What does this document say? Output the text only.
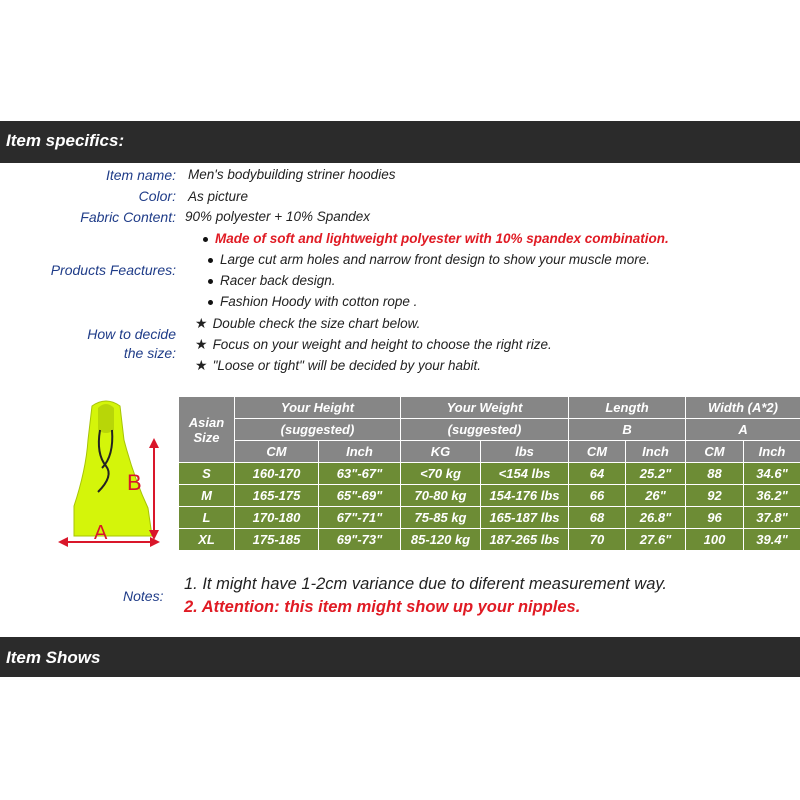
Item specifics:
Item name: Men's bodybuilding striner hoodies
Color: As picture
Fabric Content: 90% polyester + 10% Spandex
Products Feactures:
Made of soft and lightweight polyester with 10% spandex combination.
Large cut arm holes and narrow front design to show your muscle more.
Racer back design.
Fashion Hoody with cotton rope .
How to decide
the size:
★ Double check the size chart below.
★ Focus on your weight and height to choose the right rize.
★ "Loose or tight" will be decided by your habit.
B
A
Asian
Size	Your Height		Your Weight		Length		Width (A*2)	
	(suggested)		(suggested)		B		A	
	CM	Inch	KG	lbs	CM	Inch	CM	Inch
S	160-170	63"-67"	<70 kg	<154 lbs	64	25.2"	88	34.6"
M	165-175	65"-69"	70-80 kg	154-176 lbs	66	26"	92	36.2"
L	170-180	67"-71"	75-85 kg	165-187 lbs	68	26.8"	96	37.8"
XL	175-185	69"-73"	85-120 kg	187-265 lbs	70	27.6"	100	39.4"
Notes:
1. It might have 1-2cm variance due to diferent measurement way.
2. Attention: this item might show up your nipples.
Item Shows
